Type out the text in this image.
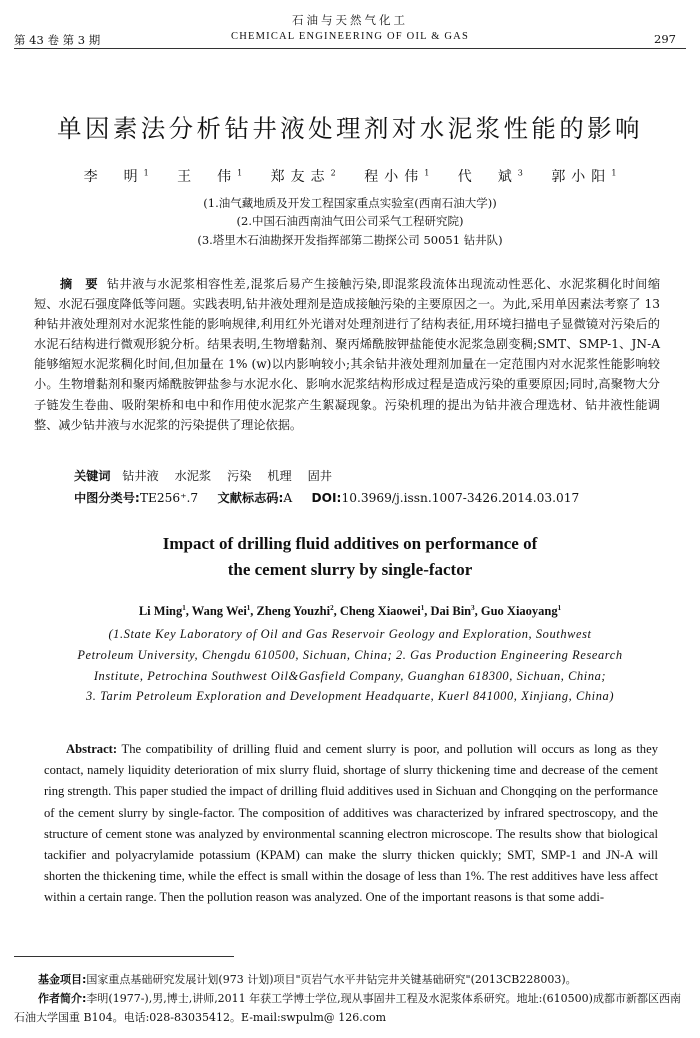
第 43 卷 第 3 期
石油与天然气化工
CHEMICAL ENGINEERING OF OIL & GAS	297
单因素法分析钻井液处理剂对水泥浆性能的影响
李　明$^1$ 王　伟$^1$ 郑友志$^2$ 程小伟$^1$ 代　斌$^3$ 郭小阳$^1$
(1.油气藏地质及开发工程国家重点实验室(西南石油大学))
(2.中国石油西南油气田公司采气工程研究院)
(3.塔里木石油勘探开发指挥部第二勘探公司 50051 钻井队)
摘　要 钻井液与水泥浆相容性差,混浆后易产生接触污染,即混浆段流体出现流动性恶化、水泥浆稠化时间缩短、水泥石强度降低等问题。实践表明,钻井液处理剂是造成接触污染的主要原因之一。为此,采用单因素法考察了 13 种钻井液处理剂对水泥浆性能的影响规律,利用红外光谱对处理剂进行了结构表征,用环境扫描电子显微镜对污染后的水泥石结构进行微观形貌分析。结果表明,生物增黏剂、聚丙烯酰胺钾盐能使水泥浆急剧变稠;SMT、SMP-1、JN-A 能够缩短水泥浆稠化时间,但加量在 1% (w)以内影响较小;其余钻井液处理剂加量在一定范围内对水泥浆性能影响较小。生物增黏剂和聚丙烯酰胺钾盐参与水泥水化、影响水泥浆结构形成过程是造成污染的重要原因;同时,高聚物大分子链发生卷曲、吸附架桥和电中和作用使水泥浆产生絮凝现象。污染机理的提出为钻井液合理选材、钻井液性能调整、减少钻井液与水泥浆的污染提供了理论依据。
关键词 钻井液 水泥浆 污染 机理 固井
中图分类号:TE256⁺.7 文献标志码:A DOI:10.3969/j.issn.1007-3426.2014.03.017
Impact of drilling fluid additives on performance of
the cement slurry by single-factor
Li Ming$^1$, Wang Wei$^1$, Zheng Youzhi$^2$, Cheng Xiaowei$^1$, Dai Bin$^3$, Guo Xiaoyang$^1$
(1.State Key Laboratory of Oil and Gas Reservoir Geology and Exploration, Southwest
Petroleum University, Chengdu 610500, Sichuan, China; 2. Gas Production Engineering Research
Institute, Petrochina Southwest Oil&Gasfield Company, Guanghan 618300, Sichuan, China;
3. Tarim Petroleum Exploration and Development Headquarte, Kuerl 841000, Xinjiang, China)
Abstract: The compatibility of drilling fluid and cement slurry is poor, and pollution will occurs as long as they contact, namely liquidity deterioration of mix slurry fluid, shortage of slurry thickening time and decrease of the cement ring strength. This paper studied the impact of drilling fluid additives used in Sichuan and Chongqing on the performance of the cement slurry by single-factor. The composition of additives was characterized by infrared spectroscopy, and the structure of cement stone was analyzed by environmental scanning electron microscope. The results show that biological tackifier and polyacrylamide potassium (KPAM) can make the slurry thicken quickly; SMT, SMP-1 and JN-A will shorten the thickening time, while the effect is small within the dosage of less than 1%. The rest additives have less affect within a certain range. Then the pollution reason was analyzed. One of the important reasons is that some addi-
基金项目:国家重点基础研究发展计划(973 计划)项目"页岩气水平井钻完井关键基础研究"(2013CB228003)。
作者简介:李明(1977-),男,博士,讲师,2011 年获工学博士学位,现从事固井工程及水泥浆体系研究。地址:(610500)成都市新都区西南石油大学国重 B104。电话:028-83035412。E-mail:swpulm@ 126.com
